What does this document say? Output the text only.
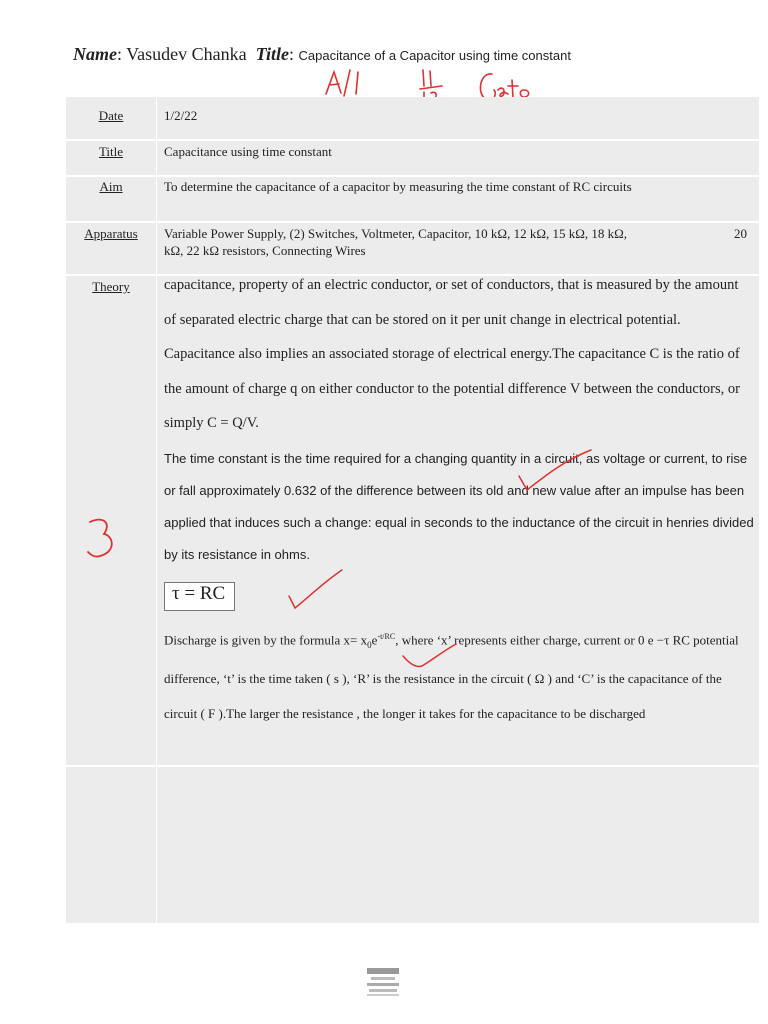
Name: Vasudev Chanka Title: Capacitance of a Capacitor using time constant
Date	1/2/22
Title	Capacitance using time constant
Aim	To determine the capacitance of a capacitor by measuring the time constant of RC circuits
Apparatus	Variable Power Supply, (2) Switches, Voltmeter, Capacitor, 10 kΩ, 12 kΩ, 15 kΩ, 18 kΩ,	20
kΩ, 22 kΩ resistors, Connecting Wires
Theory	capacitance, property of an electric conductor, or set of conductors, that is measured by the amount of separated electric charge that can be stored on it per unit change in electrical potential. Capacitance also implies an associated storage of electrical energy.The capacitance C is the ratio of the amount of charge q on either conductor to the potential difference V between the conductors, or simply C = Q/V.
The time constant is the time required for a changing quantity in a circuit, as voltage or current, to rise or fall approximately 0.632 of the difference between its old and new value after an impulse has been applied that induces such a change: equal in seconds to the inductance of the circuit in henries divided by its resistance in ohms.
τ = RC
Discharge is given by the formula $x= x_0e^{-t/RC}$, where ‘x’ represents either charge, current or 0 e −τ RC potential difference, ‘t’ is the time taken ( s ), ‘R’ is the resistance in the circuit ( Ω ) and ‘C’ is the capacitance of the circuit ( F ).The larger the resistance , the longer it takes for the capacitance to be discharged
